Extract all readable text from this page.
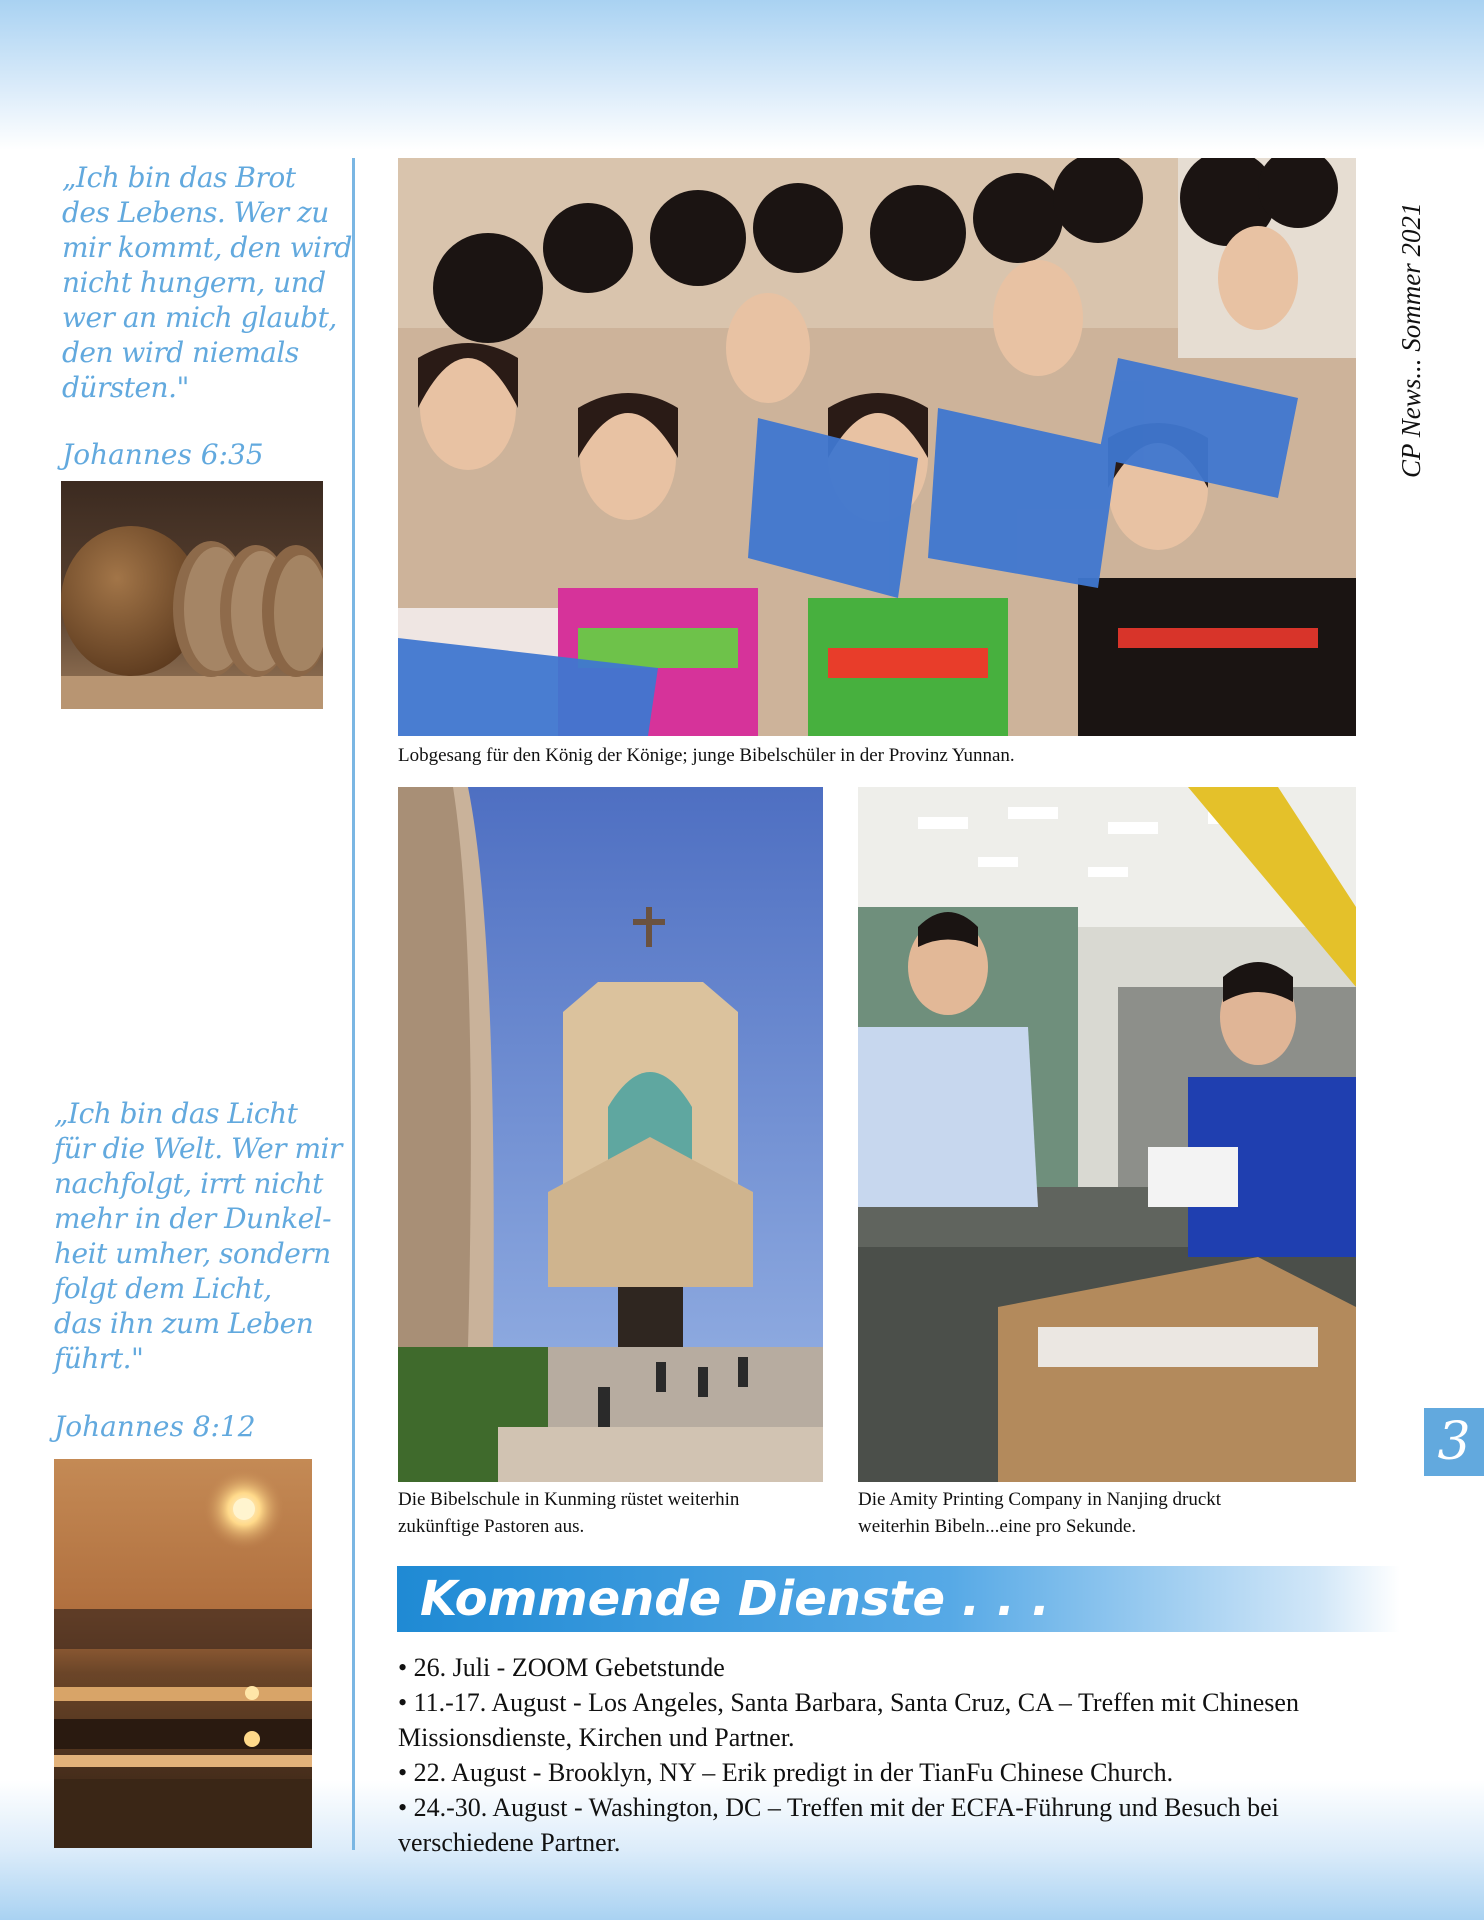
„Ich bin das Brot
des Lebens. Wer zu
mir kommt, den wird
nicht hungern, und
wer an mich glaubt,
den wird niemals
dürsten."
Johannes 6:35
„Ich bin das Licht
für die Welt. Wer mir
nachfolgt, irrt nicht
mehr in der Dunkel-
heit umher, sondern
folgt dem Licht,
das ihn zum Leben
führt."
Johannes 8:12
Lobgesang für den König der Könige; junge Bibelschüler in der Provinz Yunnan.
Die Bibelschule in Kunming rüstet weiterhin
zukünftige Pastoren aus.
Die Amity Printing Company in Nanjing druckt
weiterhin Bibeln...eine pro Sekunde.
Kommende Dienste . . .

• 26. Juli - ZOOM Gebetstunde

• 11.-17. August - Los Angeles, Santa Barbara, Santa Cruz, CA – Treffen mit Chinesen Missionsdienste, Kirchen und Partner.

• 22. August - Brooklyn, NY – Erik predigt in der TianFu Chinese Church.

• 24.-30. August - Washington, DC – Treffen mit der ECFA-Führung und Besuch bei verschiedene Partner.

CP News... Sommer 2021
3
